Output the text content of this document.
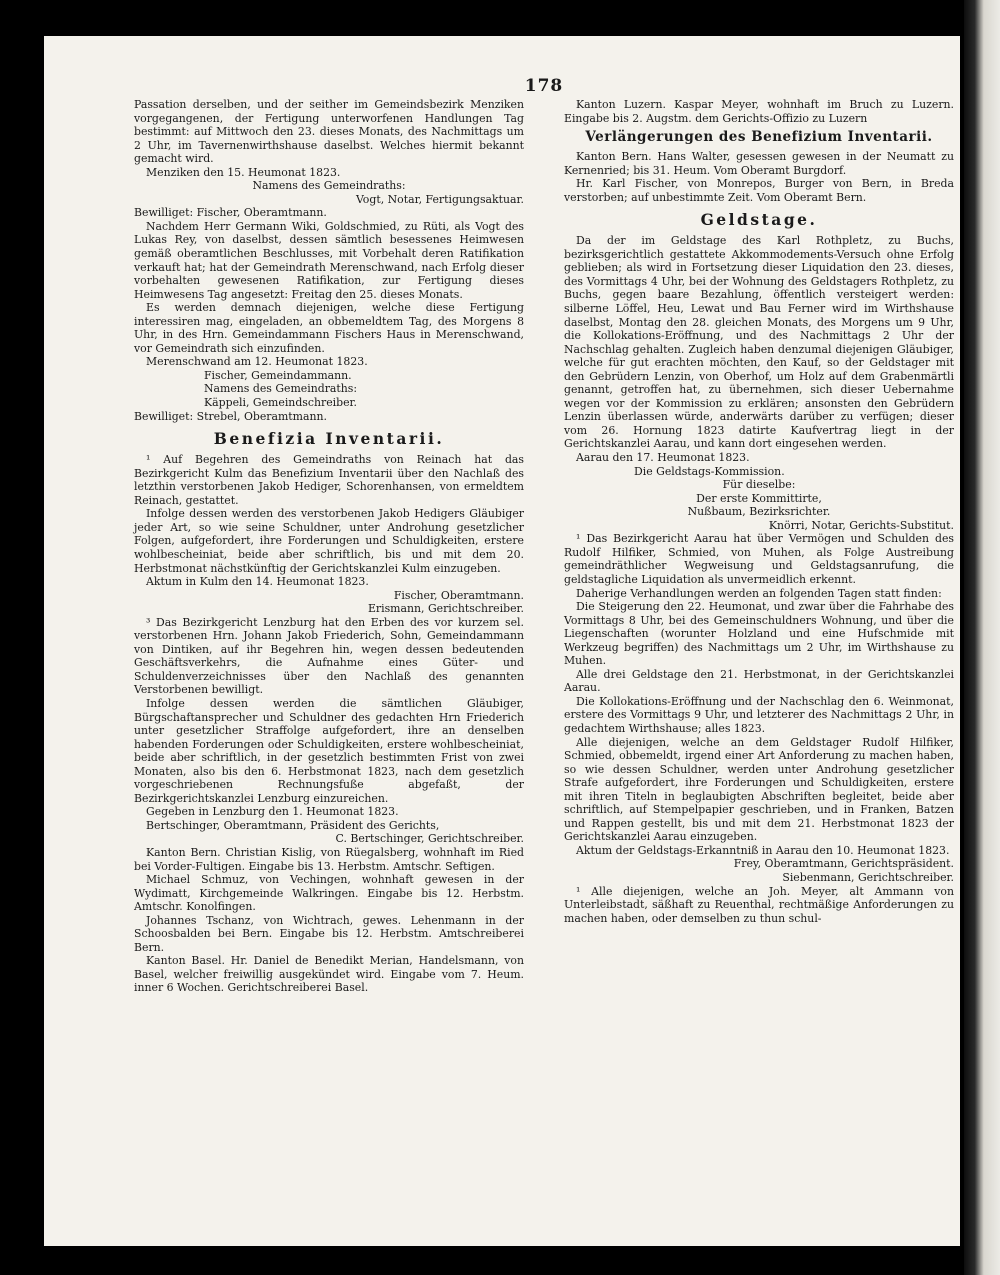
178

Passation derselben, und der seither im Gemeindsbezirk Menziken vorgegangenen, der Fertigung unterworfenen Handlungen Tag bestimmt: auf Mittwoch den 23. dieses Monats, des Nachmittags um 2 Uhr, im Tavernenwirthshause daselbst. Welches hiermit bekannt gemacht wird.

Menziken den 15. Heumonat 1823.

Namens des Gemeindraths:

Vogt, Notar, Fertigungsaktuar.

Bewilliget: Fischer, Oberamtmann.

Nachdem Herr Germann Wiki, Goldschmied, zu Rüti, als Vogt des Lukas Rey, von daselbst, dessen sämtlich besessenes Heimwesen gemäß oberamtlichen Beschlusses, mit Vorbehalt deren Ratifikation verkauft hat; hat der Gemeindrath Merenschwand, nach Erfolg dieser vorbehalten gewesenen Ratifikation, zur Fertigung dieses Heimwesens Tag angesetzt: Freitag den 25. dieses Monats.

Es werden demnach diejenigen, welche diese Fertigung interessiren mag, eingeladen, an obbemeldtem Tag, des Morgens 8 Uhr, in des Hrn. Gemeindammann Fischers Haus in Merenschwand, vor Gemeindrath sich einzufinden.

Merenschwand am 12. Heumonat 1823.

Fischer, Gemeindammann.

Namens des Gemeindraths:

Käppeli, Gemeindschreiber.

Bewilliget: Strebel, Oberamtmann.

Benefizia Inventarii.

¹ Auf Begehren des Gemeindraths von Reinach hat das Bezirkgericht Kulm das Benefizium Inventarii über den Nachlaß des letzthin verstorbenen Jakob Hediger, Schorenhansen, von ermeldtem Reinach, gestattet.

Infolge dessen werden des verstorbenen Jakob Hedigers Gläubiger jeder Art, so wie seine Schuldner, unter Androhung gesetzlicher Folgen, aufgefordert, ihre Forderungen und Schuldigkeiten, erstere wohlbescheiniat, beide aber schriftlich, bis und mit dem 20. Herbstmonat nächstkünftig der Gerichtskanzlei Kulm einzugeben.

Aktum in Kulm den 14. Heumonat 1823.

Fischer, Oberamtmann.

Erismann, Gerichtschreiber.

³ Das Bezirkgericht Lenzburg hat den Erben des vor kurzem sel. verstorbenen Hrn. Johann Jakob Friederich, Sohn, Gemeindammann von Dintiken, auf ihr Begehren hin, wegen dessen bedeutenden Geschäftsverkehrs, die Aufnahme eines Güter- und Schuldenverzeichnisses über den Nachlaß des genannten Verstorbenen bewilligt.

Infolge dessen werden die sämtlichen Gläubiger, Bürgschaftansprecher und Schuldner des gedachten Hrn Friederich unter gesetzlicher Straffolge aufgefordert, ihre an denselben habenden Forderungen oder Schuldigkeiten, erstere wohlbescheiniat, beide aber schriftlich, in der gesetzlich bestimmten Frist von zwei Monaten, also bis den 6. Herbstmonat 1823, nach dem gesetzlich vorgeschriebenen Rechnungsfuße abgefaßt, der Bezirkgerichtskanzlei Lenzburg einzureichen.

Gegeben in Lenzburg den 1. Heumonat 1823.

Bertschinger, Oberamtmann, Präsident des Gerichts,

C. Bertschinger, Gerichtschreiber.

Kanton Bern. Christian Kislig, von Rüegalsberg, wohnhaft im Ried bei Vorder-Fultigen. Eingabe bis 13. Herbstm. Amtschr. Seftigen.

Michael Schmuz, von Vechingen, wohnhaft gewesen in der Wydimatt, Kirchgemeinde Walkringen. Eingabe bis 12. Herbstm. Amtschr. Konolfingen.

Johannes Tschanz, von Wichtrach, gewes. Lehenmann in der Schoosbalden bei Bern. Eingabe bis 12. Herbstm. Amtschreiberei Bern.

Kanton Basel. Hr. Daniel de Benedikt Merian, Handelsmann, von Basel, welcher freiwillig ausgekündet wird. Eingabe vom 7. Heum. inner 6 Wochen. Gerichtschreiberei Basel.

Kanton Luzern. Kaspar Meyer, wohnhaft im Bruch zu Luzern. Eingabe bis 2. Augstm. dem Gerichts-Offizio zu Luzern

Verlängerungen des Benefizium Inventarii.

Kanton Bern. Hans Walter, gesessen gewesen in der Neumatt zu Kernenried; bis 31. Heum. Vom Oberamt Burgdorf.

Hr. Karl Fischer, von Monrepos, Burger von Bern, in Breda verstorben; auf unbestimmte Zeit. Vom Oberamt Bern.

Geldstage.

Da der im Geldstage des Karl Rothpletz, zu Buchs, bezirksgerichtlich gestattete Akkommodements-Versuch ohne Erfolg geblieben; als wird in Fortsetzung dieser Liquidation den 23. dieses, des Vormittags 4 Uhr, bei der Wohnung des Geldstagers Rothpletz, zu Buchs, gegen baare Bezahlung, öffentlich versteigert werden: silberne Löffel, Heu, Lewat und Bau Ferner wird im Wirthshause daselbst, Montag den 28. gleichen Monats, des Morgens um 9 Uhr, die Kollokations-Eröffnung, und des Nachmittags 2 Uhr der Nachschlag gehalten. Zugleich haben denzumal diejenigen Gläubiger, welche für gut erachten möchten, den Kauf, so der Geldstager mit den Gebrüdern Lenzin, von Oberhof, um Holz auf dem Grabenmärtli genannt, getroffen hat, zu übernehmen, sich dieser Uebernahme wegen vor der Kommission zu erklären; ansonsten den Gebrüdern Lenzin überlassen würde, anderwärts darüber zu verfügen; dieser vom 26. Hornung 1823 datirte Kaufvertrag liegt in der Gerichtskanzlei Aarau, und kann dort eingesehen werden.

Aarau den 17. Heumonat 1823.

Die Geldstags-Kommission.

Für dieselbe:

Der erste Kommittirte,

Nußbaum, Bezirksrichter.

Knörri, Notar, Gerichts-Substitut.

¹ Das Bezirkgericht Aarau hat über Vermögen und Schulden des Rudolf Hilfiker, Schmied, von Muhen, als Folge Austreibung gemeindräthlicher Wegweisung und Geldstagsanrufung, die geldstagliche Liquidation als unvermeidlich erkennt.

Daherige Verhandlungen werden an folgenden Tagen statt finden:

Die Steigerung den 22. Heumonat, und zwar über die Fahrhabe des Vormittags 8 Uhr, bei des Gemeinschuldners Wohnung, und über die Liegenschaften (worunter Holzland und eine Hufschmide mit Werkzeug begriffen) des Nachmittags um 2 Uhr, im Wirthshause zu Muhen.

Alle drei Geldstage den 21. Herbstmonat, in der Gerichtskanzlei Aarau.

Die Kollokations-Eröffnung und der Nachschlag den 6. Weinmonat, erstere des Vormittags 9 Uhr, und letzterer des Nachmittags 2 Uhr, in gedachtem Wirthshause; alles 1823.

Alle diejenigen, welche an dem Geldstager Rudolf Hilfiker, Schmied, obbemeldt, irgend einer Art Anforderung zu machen haben, so wie dessen Schuldner, werden unter Androhung gesetzlicher Strafe aufgefordert, ihre Forderungen und Schuldigkeiten, erstere mit ihren Titeln in beglaubigten Abschriften begleitet, beide aber schriftlich, auf Stempelpapier geschrieben, und in Franken, Batzen und Rappen gestellt, bis und mit dem 21. Herbstmonat 1823 der Gerichtskanzlei Aarau einzugeben.

Aktum der Geldstags-Erkanntniß in Aarau den 10. Heumonat 1823.

Frey, Oberamtmann, Gerichtspräsident.

Siebenmann, Gerichtschreiber.

¹ Alle diejenigen, welche an Joh. Meyer, alt Ammann von Unterleibstadt, säßhaft zu Reuenthal, rechtmäßige Anforderungen zu machen haben, oder demselben zu thun schul-
